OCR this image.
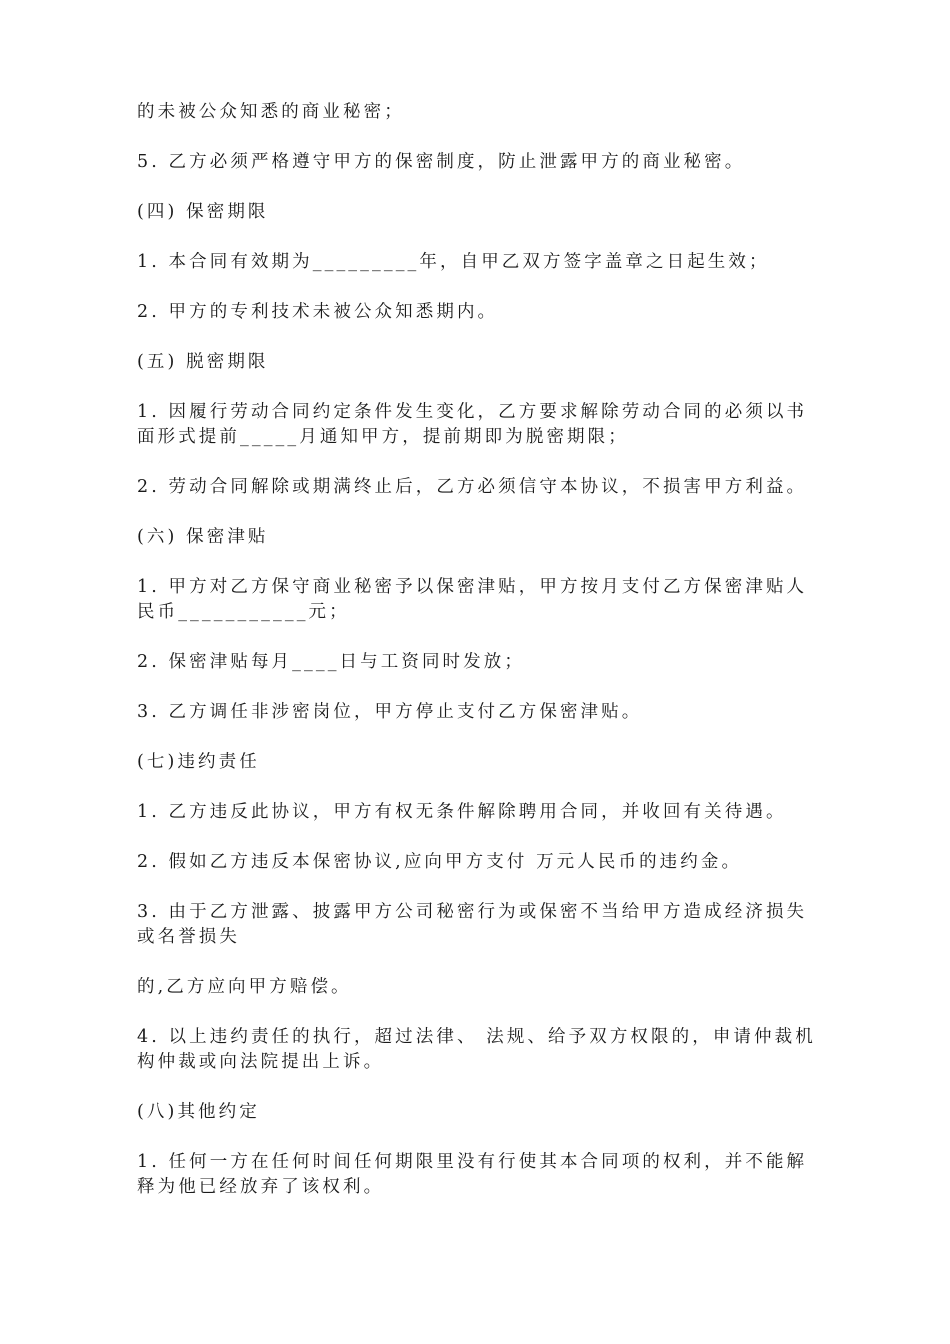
的未被公众知悉的商业秘密；

5. 乙方必须严格遵守甲方的保密制度，防止泄露甲方的商业秘密。

(四) 保密期限

1. 本合同有效期为_________年，自甲乙双方签字盖章之日起生效；

2. 甲方的专利技术未被公众知悉期内。

(五) 脱密期限

1. 因履行劳动合同约定条件发生变化，乙方要求解除劳动合同的必须以书面形式提前_____月通知甲方，提前期即为脱密期限；

2. 劳动合同解除或期满终止后，乙方必须信守本协议，不损害甲方利益。

(六) 保密津贴

1. 甲方对乙方保守商业秘密予以保密津贴，甲方按月支付乙方保密津贴人民币___________元；

2. 保密津贴每月____日与工资同时发放；

3. 乙方调任非涉密岗位，甲方停止支付乙方保密津贴。

(七)违约责任

1. 乙方违反此协议，甲方有权无条件解除聘用合同，并收回有关待遇。

2. 假如乙方违反本保密协议,应向甲方支付 万元人民币的违约金。

3. 由于乙方泄露、披露甲方公司秘密行为或保密不当给甲方造成经济损失或名誉损失

的,乙方应向甲方赔偿。

4. 以上违约责任的执行，超过法律、 法规、给予双方权限的，申请仲裁机构仲裁或向法院提出上诉。

(八)其他约定

1. 任何一方在任何时间任何期限里没有行使其本合同项的权利，并不能解释为他已经放弃了该权利。
